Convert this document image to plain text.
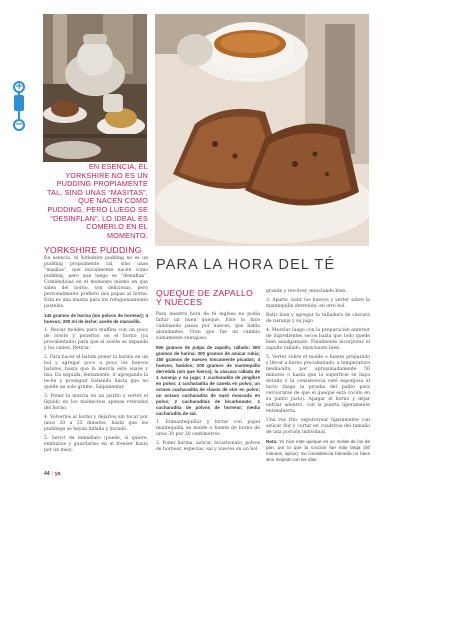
+
−
EN ESENCIA, EL YORKSHIRE NO ES UN PUDDING PROPIAMENTE TAL, SINO UNAS “MASITAS”, QUE NACEN COMO PUDDING, PERO LUEGO SE “DESINFLAN”. LO IDEAL ES COMERLO EN EL MOMENTO.
YORKSHIRE PUDDING
PARA LA HORA DEL TÉ
QUEQUE DE ZAPALLO Y NUECES

En esencia, el Yorkshire pudding no es un pudding propiamente tal, sino unas “masitas”, que inicialmente nacen como pudding, pero que luego se “desinflan”. Comiéndolas en el momento mismo en que salen del horno, son deliciosas, pero personalmente prefiero mis papas al horno. Esta es una masita para los refugionamiento pastelas.

140 gramos de harina (sin polvos de hornear); 4 huevos; 200 ml de leche; aceite de maravilla.

1. Reciar moldes para muffins con un poco de aceite y ponerlos en el horno (ya precalentado) para que el aceite se expanda y los calien. Retirar.

2. Para hacer el batido poner la harina en un bol y agregar poco a poco los huevos batidos, hasta que la mezcla esté suave y lisa. En seguida, lentamente, ir agregando la leche y proseguir batiendo hasta que no quede un solo grumo. Salpimentar.

3. Poner la mezcla en un jarrito y verter el líquido en los moldecitos apenas retirados del horno.

4. Volverlos al horno y dejarlos sin tocar por unos 20 a 25 minutos, hasta que los puddings se hayan inflado y dorado.

5. Servir de inmediato (puede, si quiere, embixilos y guardarlos en el freezer hasta por un mes).

Para nuestra hora de té inglesa no podía faltar un buen queque. Este lo hice cambiando pasas por nueces, que había abundantes. Creo que fue un cambio sumamente ventajoso.

500 gramos de pulpa de zapallo, rallado; 300 gramos de harina; 300 gramos de azúcar rubia; 150 gramos de nueces toscamente picadas; 4 huevos, batidos; 200 gramos de mantequilla derretida (sin que hierva); la cáscara rallada de 1 naranja y su jugo; 1 cucharadita de jengibre en polvo; 1 cucharadita de canela en polvo; un octavo cucharadita de clavos de olor en polvo; un octavo cucharadita de nuez moscada en polvo; 2 cucharaditas de bicarbonato; 1 cucharadita de polvos de hornear; media cucharadita de sal.

1. Enmantequillar y forrar con papel mantequilla un molde o fuente de horno de unos 30 por 20 centímetros.

2. Poner harina, azúcar, bicarbonato, polvos de hornear, especias, sal y nueces en un bol

grande y revolver, mezclando bien.

3. Aparte, batir los huevos y verter sobre la mantequilla derretida, en otro bol.

Batir bien y agregar la ralladura de cáscara de naranja y su jugo.

4. Mezclar luego con la preparación anterior de ingredientes secos hasta que todo quede bien amalgamado. Finalmente incorporar el zapallo rallado, mezclando bien.

5. Verter sobre el molde o fuente preparado y llevar a horno precalentado, a temperatura media/alta, por aproximadamente 50 minutos o hasta que la superficie se haya dorado y la consistencia esté esponjosa al tacto (haga la prueba del palito para cerciorarse de que el queque está cocido en su punto justo). Apagar el horno y dejar enfriar adentro, con la puerta ligeramente entreabierta.

Una vez frío, espolvorear ligeramente con azúcar flor y cortar en cuadritos del tamaño de una porción individual.

Nota: Yo hice este queque en un molde de los de pan, por lo que la cocción fue más larga (50 minutos, aprox). Su consistencia húmeda no hace sino mejorar con los días.

44 | ya
